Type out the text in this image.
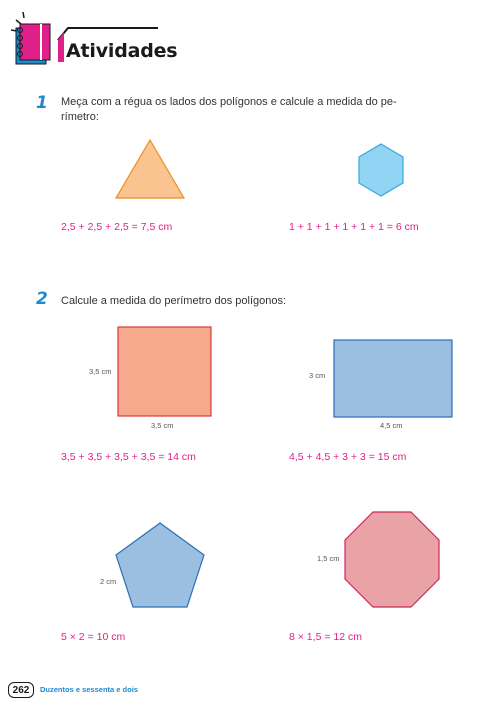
Atividades
1 Meça com a régua os lados dos polígonos e calcule a medida do pe-
rímetro:
2,5 + 2,5 + 2,5 = 7,5 cm	1 + 1 + 1 + 1 + 1 + 1 = 6 cm
2 Calcule a medida do perímetro dos polígonos:
3,5 cm
3,5 cm
3 cm
4,5 cm
3,5 + 3,5 + 3,5 + 3,5 = 14 cm	4,5 + 4,5 + 3 + 3 = 15 cm
2 cm
1,5 cm
5 × 2 = 10 cm	8 × 1,5 = 12 cm
262	Duzentos e sessenta e dois
